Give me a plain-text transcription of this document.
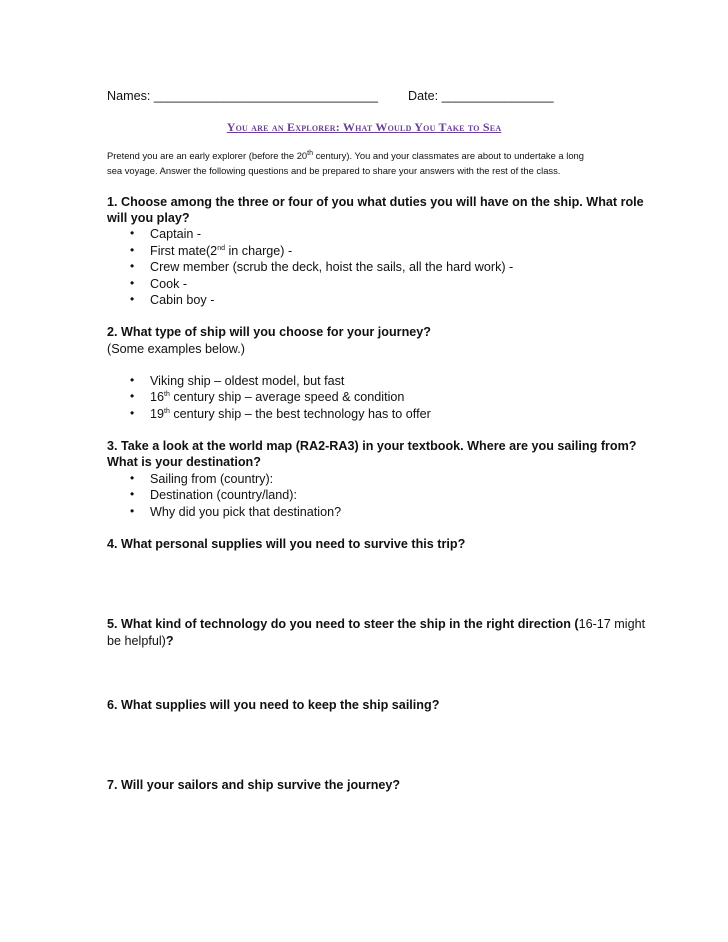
Names: ________________________________ Date: ________________
You are an Explorer: What Would You Take to Sea
Pretend you are an early explorer (before the 20th century). You and your classmates are about to undertake a long
sea voyage. Answer the following questions and be prepared to share your answers with the rest of the class.
1. Choose among the three or four of you what duties you will have on the ship. What role
will you play?
• Captain -
• First mate(2nd in charge) -
• Crew member (scrub the deck, hoist the sails, all the hard work) -
• Cook -
• Cabin boy -
2. What type of ship will you choose for your journey?
(Some examples below.)
• Viking ship – oldest model, but fast
• 16th century ship – average speed & condition
• 19th century ship – the best technology has to offer
3. Take a look at the world map (RA2-RA3) in your textbook. Where are you sailing from?
What is your destination?
• Sailing from (country):
• Destination (country/land):
• Why did you pick that destination?
4. What personal supplies will you need to survive this trip?
5. What kind of technology do you need to steer the ship in the right direction (16-17 might
be helpful)?
6. What supplies will you need to keep the ship sailing?
7. Will your sailors and ship survive the journey?
